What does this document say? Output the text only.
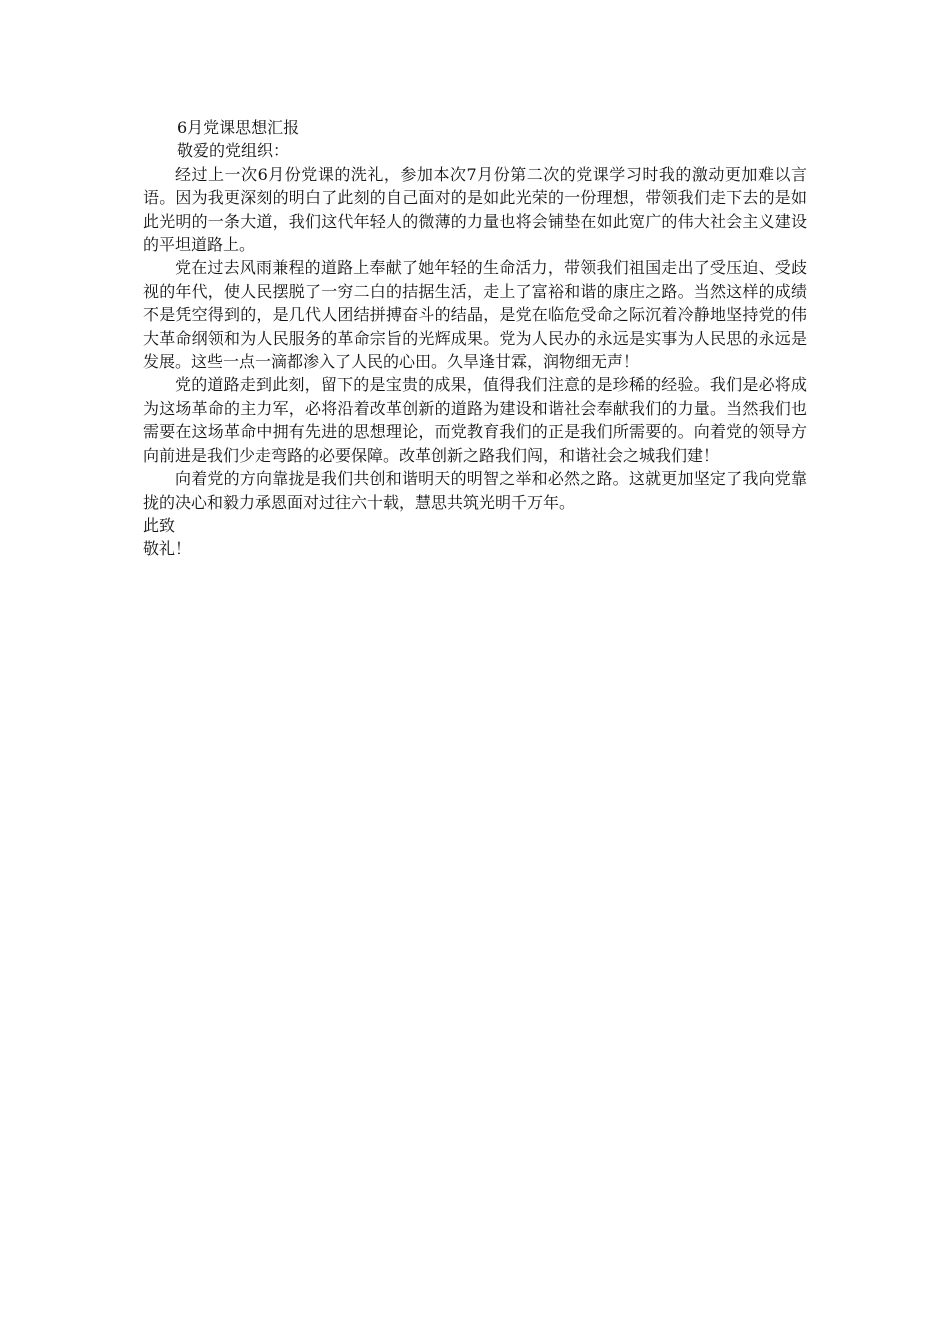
6月党课思想汇报

敬爱的党组织：

经过上一次6月份党课的洗礼，参加本次7月份第二次的党课学习时我的激动更加难以言语。因为我更深刻的明白了此刻的自己面对的是如此光荣的一份理想，带领我们走下去的是如此光明的一条大道，我们这代年轻人的微薄的力量也将会铺垫在如此宽广的伟大社会主义建设的平坦道路上。

党在过去风雨兼程的道路上奉献了她年轻的生命活力，带领我们祖国走出了受压迫、受歧视的年代，使人民摆脱了一穷二白的拮据生活，走上了富裕和谐的康庄之路。当然这样的成绩不是凭空得到的，是几代人团结拼搏奋斗的结晶，是党在临危受命之际沉着冷静地坚持党的伟大革命纲领和为人民服务的革命宗旨的光辉成果。党为人民办的永远是实事为人民思的永远是发展。这些一点一滴都渗入了人民的心田。久旱逢甘霖，润物细无声！

党的道路走到此刻，留下的是宝贵的成果，值得我们注意的是珍稀的经验。我们是必将成为这场革命的主力军，必将沿着改革创新的道路为建设和谐社会奉献我们的力量。当然我们也需要在这场革命中拥有先进的思想理论，而党教育我们的正是我们所需要的。向着党的领导方向前进是我们少走弯路的必要保障。改革创新之路我们闯，和谐社会之城我们建！

向着党的方向靠拢是我们共创和谐明天的明智之举和必然之路。这就更加坚定了我向党靠拢的决心和毅力承恩面对过往六十载，慧思共筑光明千万年。

此致

敬礼！
